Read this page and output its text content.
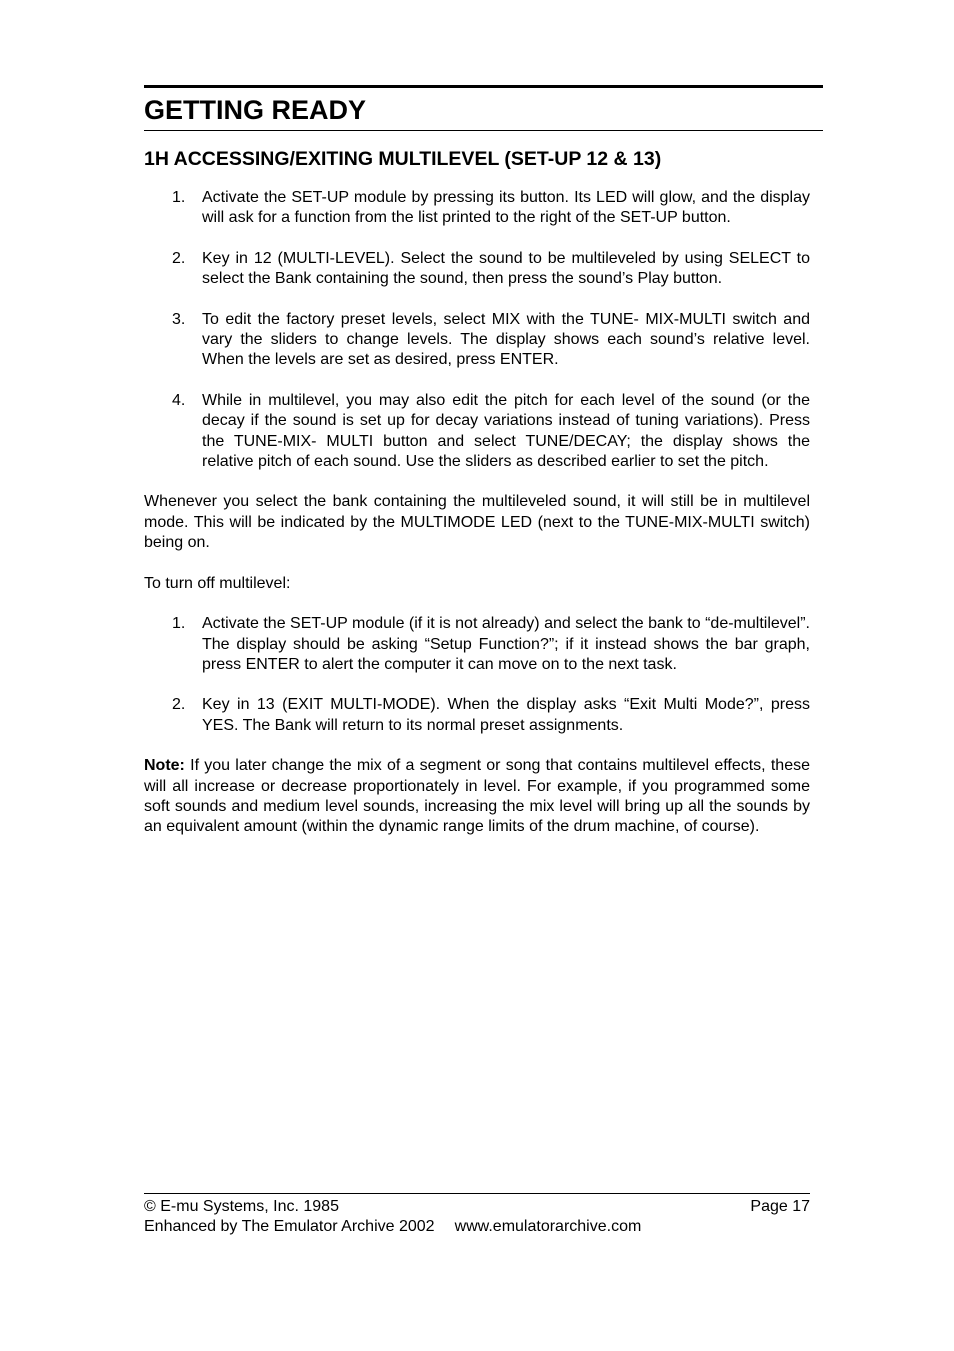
GETTING READY
1H ACCESSING/EXITING MULTILEVEL (SET-UP 12 & 13)
1. Activate the SET-UP module by pressing its button. Its LED will glow, and the display will ask for a function from the list printed to the right of the SET-UP button.
2. Key in 12 (MULTI-LEVEL). Select the sound to be multileveled by using SELECT to select the Bank containing the sound, then press the sound’s Play button.
3. To edit the factory preset levels, select MIX with the TUNE- MIX-MULTI switch and vary the sliders to change levels. The display shows each sound’s relative level. When the levels are set as desired, press ENTER.
4. While in multilevel, you may also edit the pitch for each level of the sound (or the decay if the sound is set up for decay variations instead of tuning variations). Press the TUNE-MIX- MULTI button and select TUNE/DECAY; the display shows the relative pitch of each sound. Use the sliders as described earlier to set the pitch.

Whenever you select the bank containing the multileveled sound, it will still be in multilevel mode. This will be indicated by the MULTIMODE LED (next to the TUNE-MIX-MULTI switch) being on.

To turn off multilevel:

1. Activate the SET-UP module (if it is not already) and select the bank to “de-multilevel”. The display should be asking “Setup Function?”; if it instead shows the bar graph, press ENTER to alert the computer it can move on to the next task.
2. Key in 13 (EXIT MULTI-MODE). When the display asks “Exit Multi Mode?”, press YES. The Bank will return to its normal preset assignments.

Note: If you later change the mix of a segment or song that contains multilevel effects, these will all increase or decrease proportionately in level. For example, if you programmed some soft sounds and medium level sounds, increasing the mix level will bring up all the sounds by an equivalent amount (within the dynamic range limits of the drum machine, of course).

© E-mu Systems, Inc. 1985	Page 17
Enhanced by The Emulator Archive 2002 www.emulatorarchive.com
